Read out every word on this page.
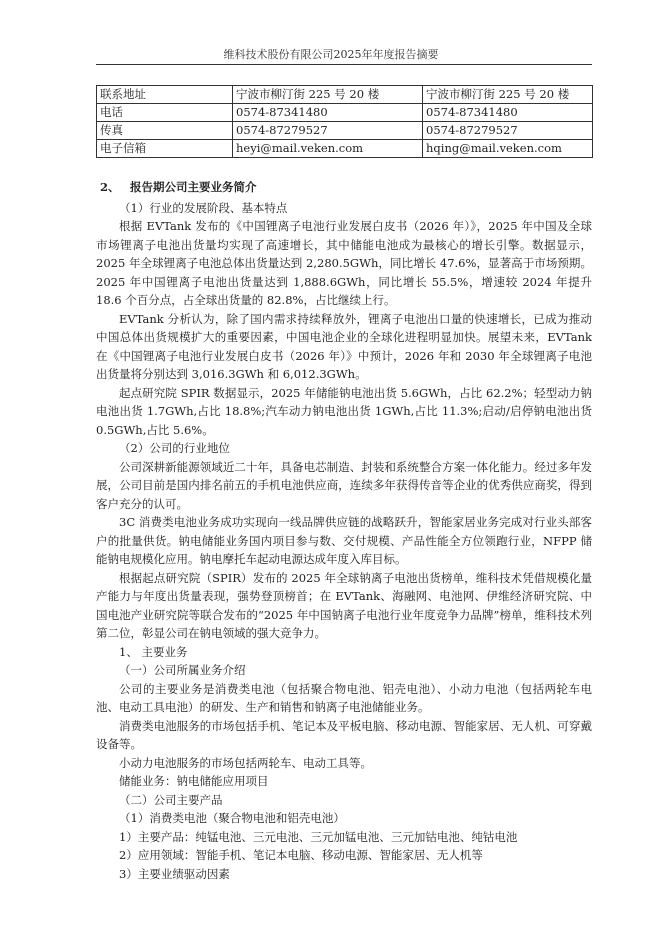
维科技术股份有限公司2025年年度报告摘要
联系地址	宁波市柳汀街 225 号 20 楼	宁波市柳汀街 225 号 20 楼
电话	0574-87341480	0574-87341480
传真	0574-87279527	0574-87279527
电子信箱	heyi@mail.veken.com	hqing@mail.veken.com

2、 报告期公司主要业务简介

（1）行业的发展阶段、基本特点

根据 EVTank 发布的《中国锂离子电池行业发展白皮书（2026 年）》，2025 年中国及全球市场锂离子电池出货量均实现了高速增长，其中储能电池成为最核心的增长引擎。数据显示，2025 年全球锂离子电池总体出货量达到 2,280.5GWh，同比增长 47.6%，显著高于市场预期。2025 年中国锂离子电池出货量达到 1,888.6GWh，同比增长 55.5%，增速较 2024 年提升 18.6 个百分点，占全球出货量的 82.8%，占比继续上行。

EVTank 分析认为，除了国内需求持续释放外，锂离子电池出口量的快速增长，已成为推动中国总体出货规模扩大的重要因素，中国电池企业的全球化进程明显加快。展望未来，EVTank 在《中国锂离子电池行业发展白皮书（2026 年）》中预计，2026 年和 2030 年全球锂离子电池出货量将分别达到 3,016.3GWh 和 6,012.3GWh。

起点研究院 SPIR 数据显示，2025 年储能钠电池出货 5.6GWh，占比 62.2%；轻型动力钠电池出货 1.7GWh,占比 18.8%;汽车动力钠电池出货 1GWh,占比 11.3%;启动/启停钠电池出货 0.5GWh,占比 5.6%。

（2）公司的行业地位

公司深耕新能源领域近二十年，具备电芯制造、封装和系统整合方案一体化能力。经过多年发展，公司目前是国内排名前五的手机电池供应商，连续多年获得传音等企业的优秀供应商奖，得到客户充分的认可。

3C 消费类电池业务成功实现向一线品牌供应链的战略跃升，智能家居业务完成对行业头部客户的批量供货。钠电储能业务国内项目参与数、交付规模、产品性能全方位领跑行业，NFPP 储能钠电规模化应用。钠电摩托车起动电源达成年度入库目标。

根据起点研究院（SPIR）发布的 2025 年全球钠离子电池出货榜单，维科技术凭借规模化量产能力与年度出货量表现，强势登顶榜首；在 EVTank、海融网、电池网、伊维经济研究院、中国电池产业研究院等联合发布的“2025 年中国钠离子电池行业年度竞争力品牌”榜单，维科技术列第二位，彰显公司在钠电领域的强大竞争力。

1、 主要业务

（一）公司所属业务介绍

公司的主要业务是消费类电池（包括聚合物电池、铝壳电池）、小动力电池（包括两轮车电池、电动工具电池）的研发、生产和销售和钠离子电池储能业务。

消费类电池服务的市场包括手机、笔记本及平板电脑、移动电源、智能家居、无人机、可穿戴设备等。

小动力电池服务的市场包括两轮车、电动工具等。

储能业务：钠电储能应用项目

（二）公司主要产品

（1）消费类电池（聚合物电池和铝壳电池）

1）主要产品：纯锰电池、三元电池、三元加锰电池、三元加钴电池、纯钴电池

2）应用领域：智能手机、笔记本电脑、移动电源、智能家居、无人机等

3）主要业绩驱动因素
